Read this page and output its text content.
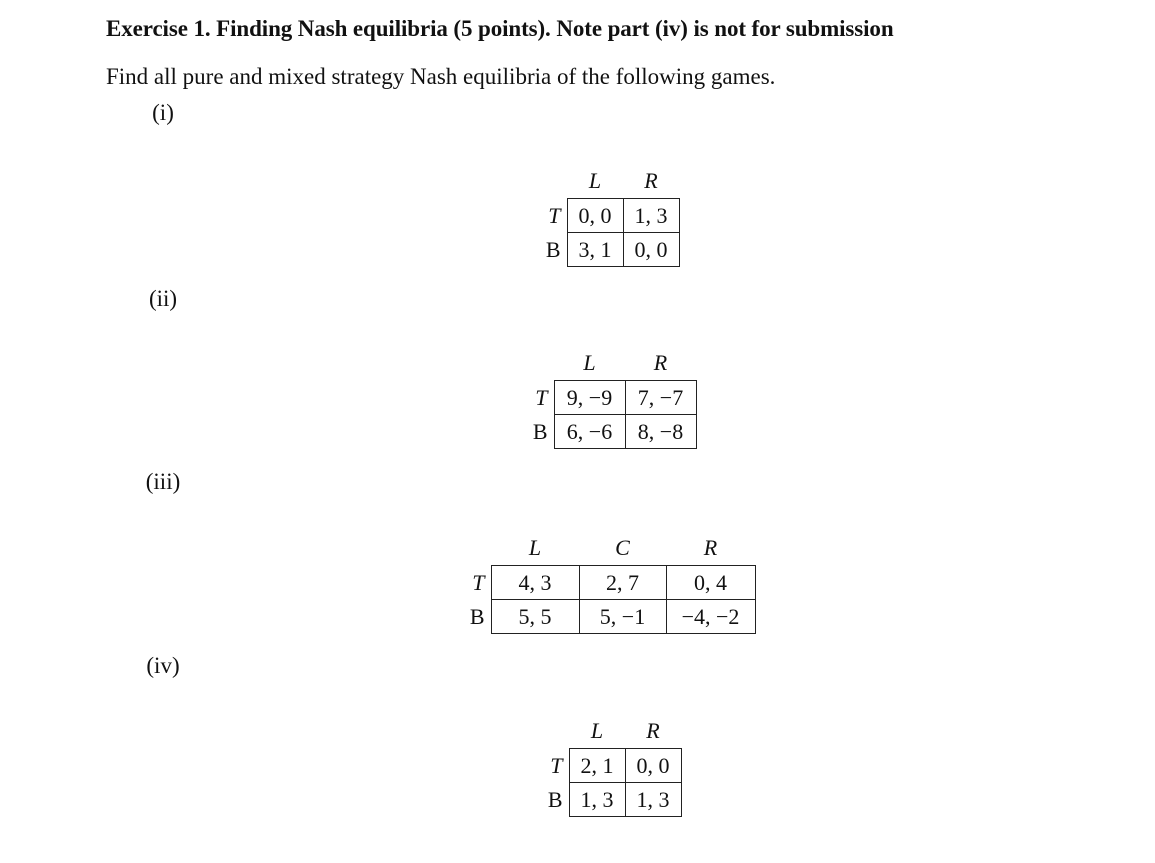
Exercise 1. Finding Nash equilibria (5 points). Note part (iv) is not for submission
Find all pure and mixed strategy Nash equilibria of the following games.
(i)
	L	R
T	0, 0	1, 3
B	3, 1	0, 0
(ii)
	L	R
T	9, −9	7, −7
B	6, −6	8, −8
(iii)
	L	C	R
T	4, 3	2, 7	0, 4
B	5, 5	5, −1	−4, −2
(iv)
	L	R
T	2, 1	0, 0
B	1, 3	1, 3
